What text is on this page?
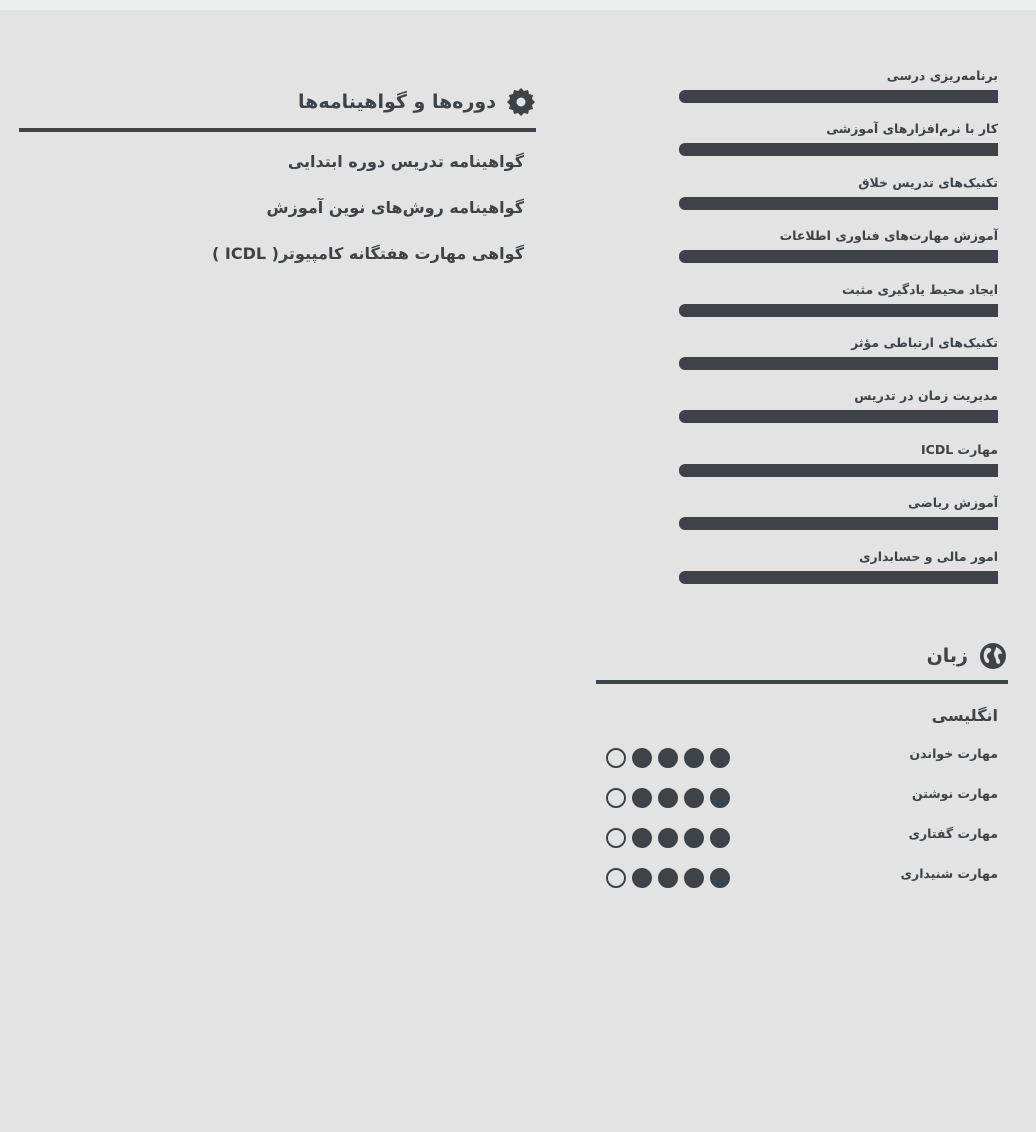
برنامه‌ریزی درسی
کار با نرم‌افزارهای آموزشی
تکنیک‌های تدریس خلاق
آموزش مهارت‌های فناوری اطلاعات
ایجاد محیط یادگیری مثبت
تکنیک‌های ارتباطی مؤثر
مدیریت زمان در تدریس
مهارت ICDL
آموزش ریاضی
امور مالی و حسابداری
دوره‌ها و گواهینامه‌ها
گواهینامه تدریس دوره ابتدایی
گواهینامه روش‌های نوین آموزش
گواهی مهارت هفتگانه کامپیوتر( ICDL )
زبان
انگلیسی
مهارت خواندن
مهارت نوشتن
مهارت گفتاری
مهارت شنیداری
